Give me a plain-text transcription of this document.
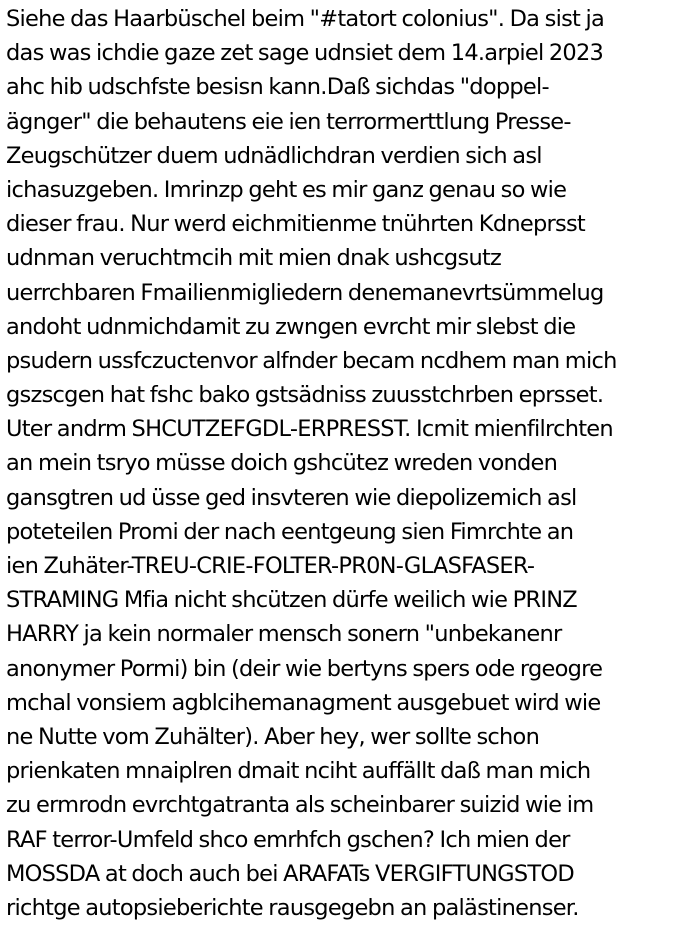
Siehe das Haarbüschel beim "#tatort colonius". Da sist ja
das was ichdie gaze zet sage udnsiet dem 14.arpiel 2023
ahc hib udschfste besisn kann.Daß sichdas "doppel-
ägnger" die behautens eie ien terrormerttlung Presse-
Zeugschützer duem udnädlichdran verdien sich asl
ichasuzgeben. Imrinzp geht es mir ganz genau so wie
dieser frau. Nur werd eichmitienme tnührten Kdneprsst
udnman veruchtmcih mit mien dnak ushcgsutz
uerrchbaren Fmailienmigliedern denemanevrtsümmelug
andoht udnmichdamit zu zwngen evrcht mir slebst die
psudern ussfczuctenvor alfnder becam ncdhem man mich
gszscgen hat fshc bako gstsädniss zuusstchrben eprsset.
Uter andrm SHCUTZEFGDL-ERPRESST. Icmit mienfilrchten
an mein tsryo müsse doich gshcütez wreden vonden
gansgtren ud üsse ged insvteren wie diepolizemich asl
poteteilen Promi der nach eentgeung sien Fimrchte an
ien Zuhäter-TREU-CRIE-FOLTER-PR0N-GLASFASER-
STRAMING Mfia nicht shcützen dürfe weilich wie PRINZ
HARRY ja kein normaler mensch sonern "unbekanenr
anonymer Pormi) bin (deir wie bertyns spers ode rgeogre
mchal vonsiem agblcihemanagment ausgebuet wird wie
ne Nutte vom Zuhälter). Aber hey, wer sollte schon
prienkaten mnaiplren dmait nciht auffällt daß man mich
zu ermrodn evrchtgatranta als scheinbarer suizid wie im
RAF terror-Umfeld shco emrhfch gschen? Ich mien der
MOSSDA at doch auch bei ARAFATs VERGIFTUNGSTOD
richtge autopsieberichte rausgegebn an palästinenser.
